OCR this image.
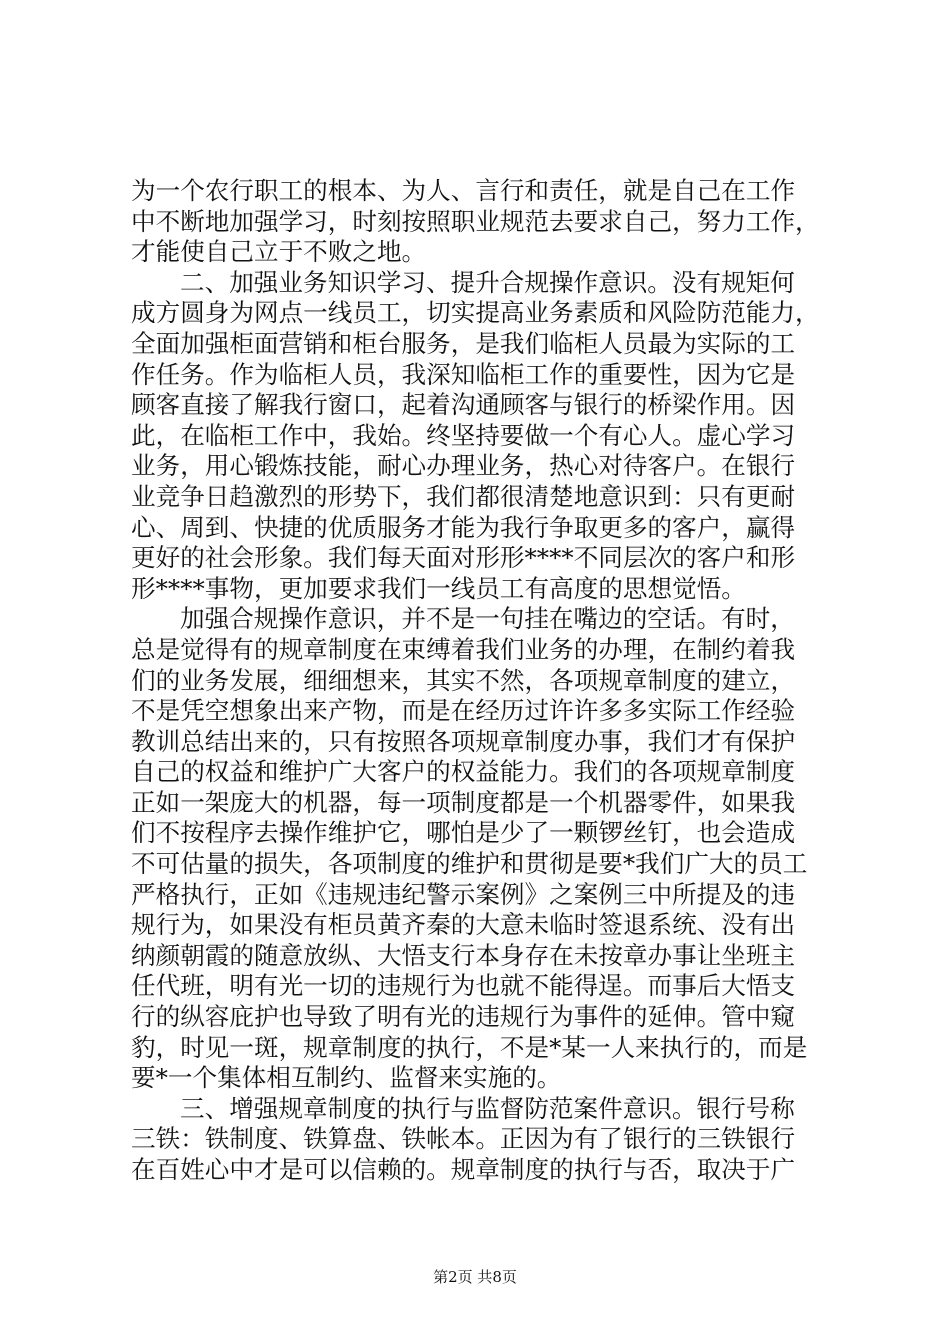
为一个农行职工的根本、为人、言行和责任，就是自己在工作
中不断地加强学习，时刻按照职业规范去要求自己，努力工作，
才能使自己立于不败之地。
二、加强业务知识学习、提升合规操作意识。没有规矩何
成方圆身为网点一线员工，切实提高业务素质和风险防范能力，
全面加强柜面营销和柜台服务，是我们临柜人员最为实际的工
作任务。作为临柜人员，我深知临柜工作的重要性，因为它是
顾客直接了解我行窗口，起着沟通顾客与银行的桥梁作用。因
此，在临柜工作中，我始。终坚持要做一个有心人。虚心学习
业务，用心锻炼技能，耐心办理业务，热心对待客户。在银行
业竞争日趋激烈的形势下，我们都很清楚地意识到：只有更耐
心、周到、快捷的优质服务才能为我行争取更多的客户，赢得
更好的社会形象。我们每天面对形形****不同层次的客户和形
形****事物，更加要求我们一线员工有高度的思想觉悟。
加强合规操作意识，并不是一句挂在嘴边的空话。有时，
总是觉得有的规章制度在束缚着我们业务的办理，在制约着我
们的业务发展，细细想来，其实不然，各项规章制度的建立，
不是凭空想象出来产物，而是在经历过许许多多实际工作经验
教训总结出来的，只有按照各项规章制度办事，我们才有保护
自己的权益和维护广大客户的权益能力。我们的各项规章制度
正如一架庞大的机器，每一项制度都是一个机器零件，如果我
们不按程序去操作维护它，哪怕是少了一颗锣丝钉，也会造成
不可估量的损失，各项制度的维护和贯彻是要*我们广大的员工
严格执行，正如《违规违纪警示案例》之案例三中所提及的违
规行为，如果没有柜员黄齐秦的大意未临时签退系统、没有出
纳颜朝霞的随意放纵、大悟支行本身存在未按章办事让坐班主
任代班，明有光一切的违规行为也就不能得逞。而事后大悟支
行的纵容庇护也导致了明有光的违规行为事件的延伸。管中窥
豹，时见一斑，规章制度的执行，不是*某一人来执行的，而是
要*一个集体相互制约、监督来实施的。
三、增强规章制度的执行与监督防范案件意识。银行号称
三铁：铁制度、铁算盘、铁帐本。正因为有了银行的三铁银行
在百姓心中才是可以信赖的。规章制度的执行与否，取决于广
第2页 共8页
